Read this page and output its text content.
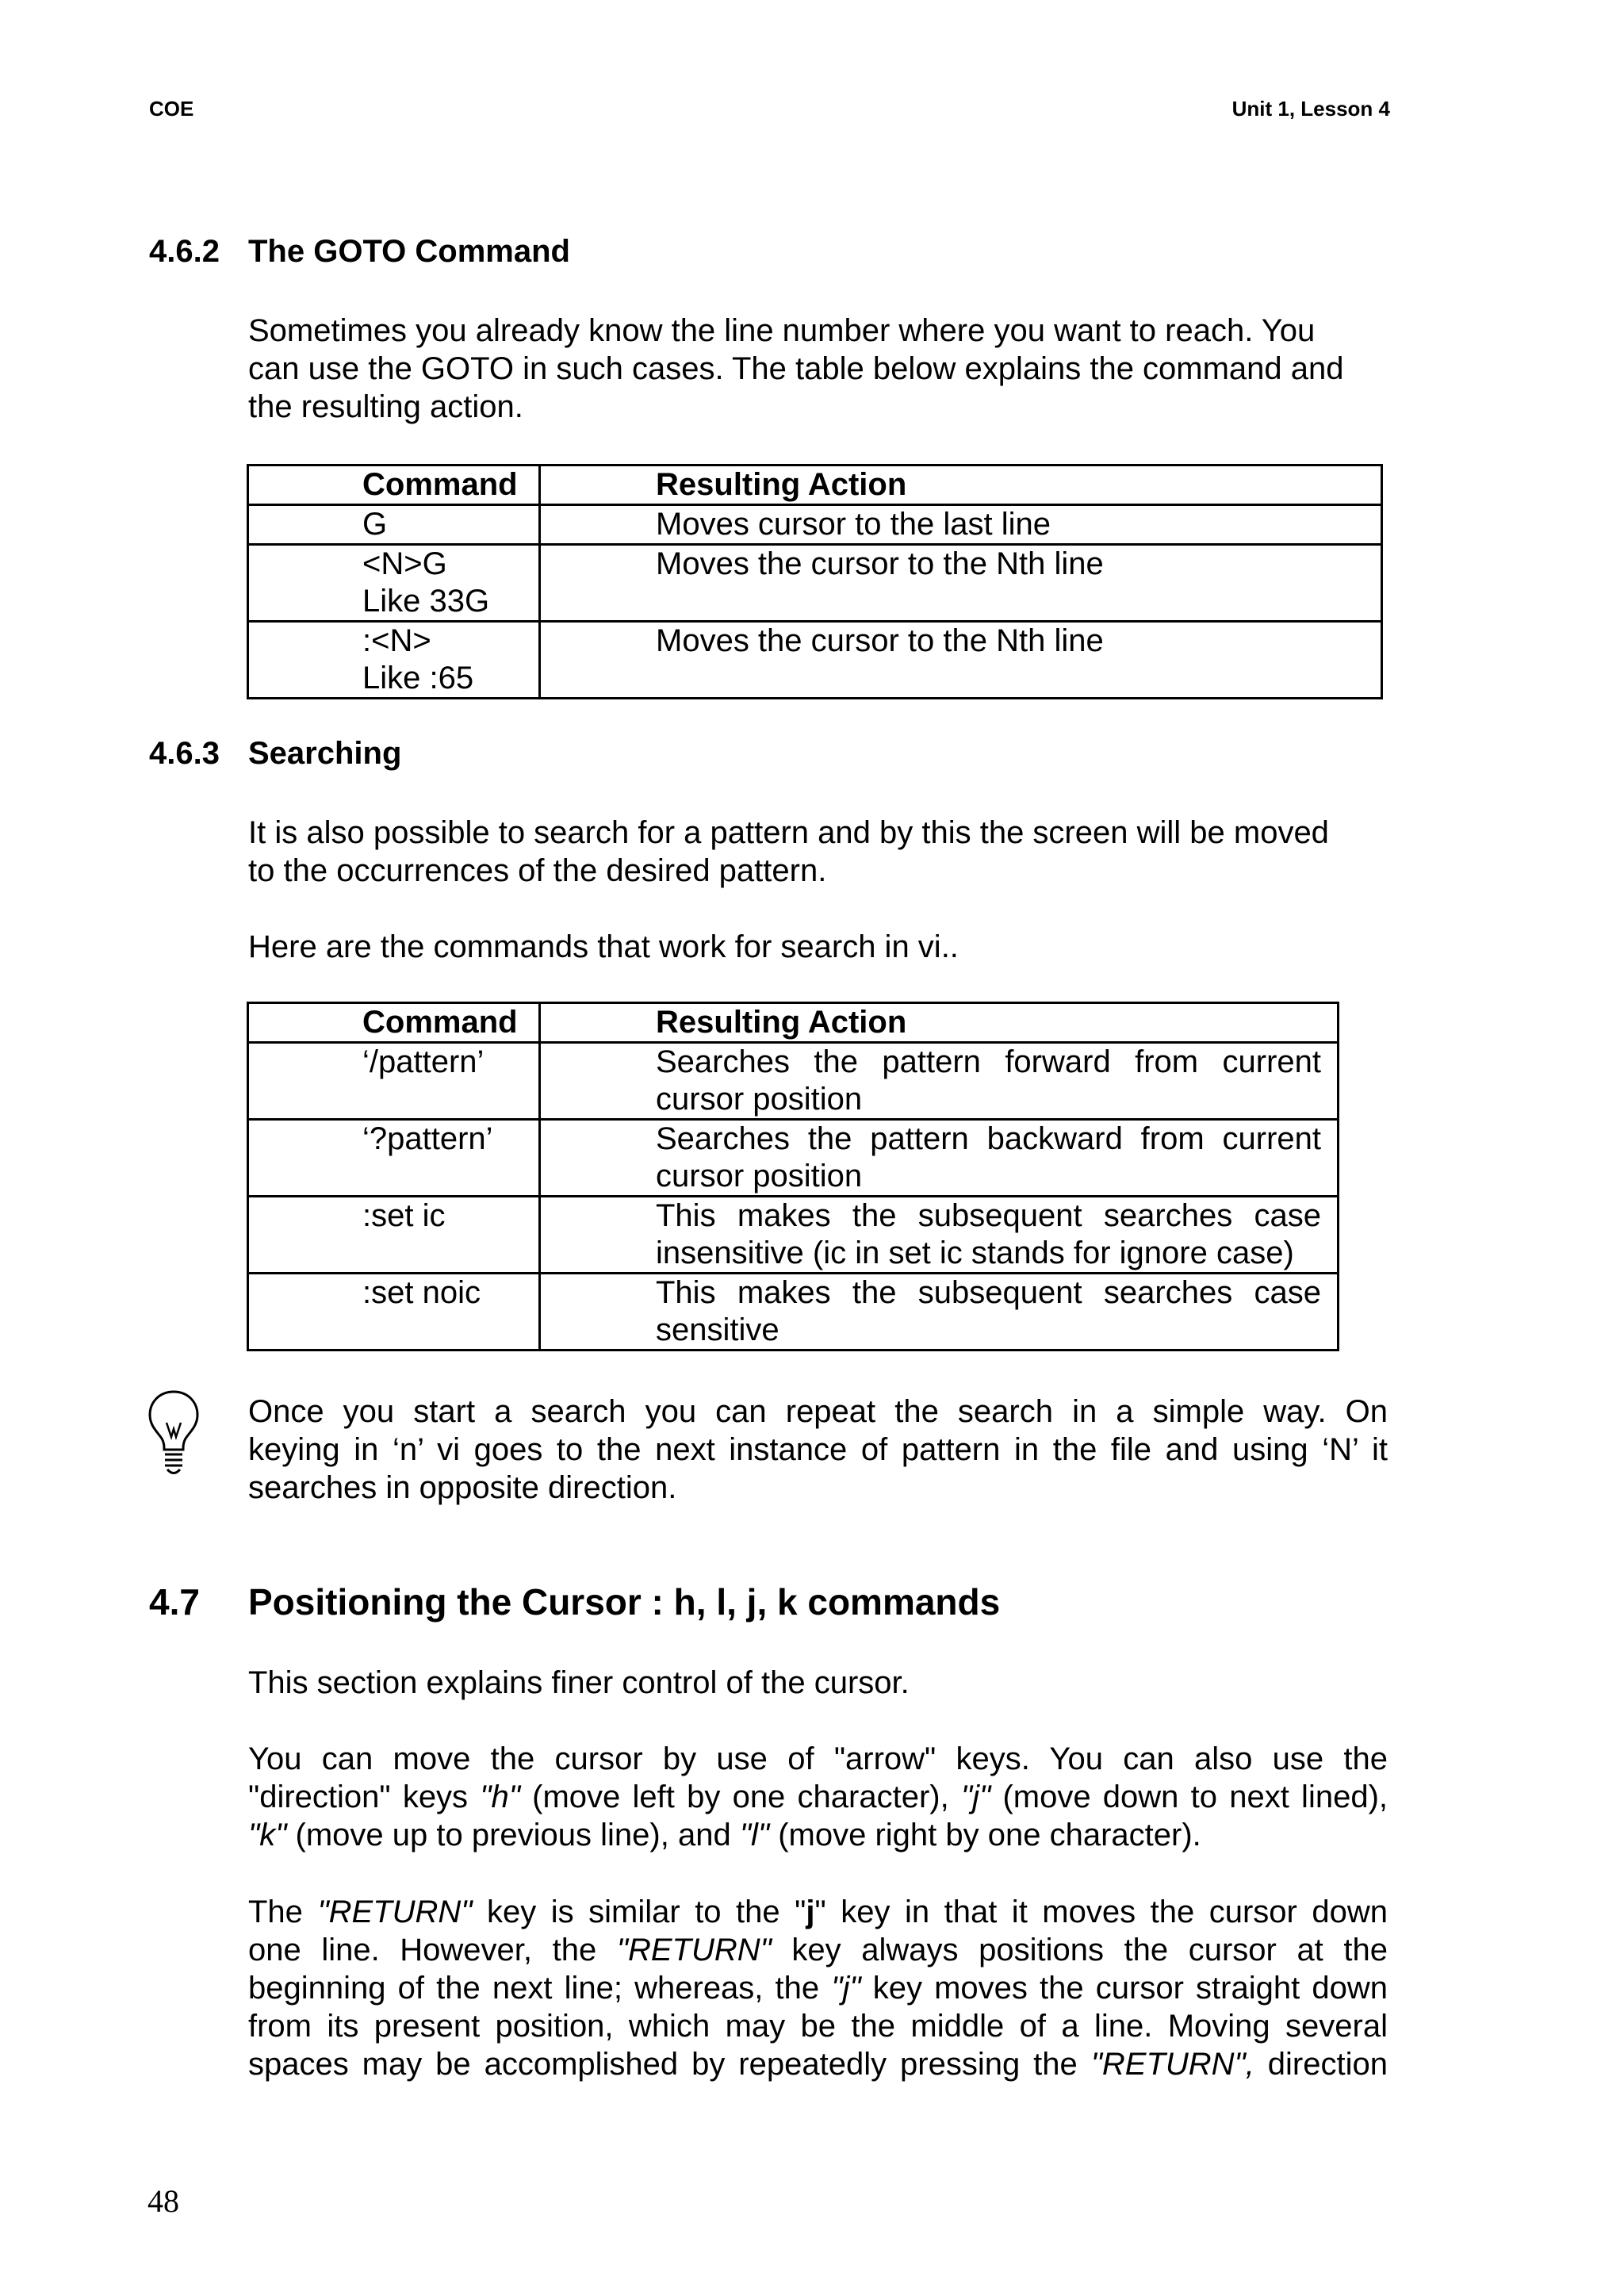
COE	Unit 1, Lesson 4
4.6.2 The GOTO Command
Sometimes you already know the line number where you want to reach. You
can use the GOTO in such cases. The table below explains the command and
the resulting action.
Command	Resulting Action

G	Moves cursor to the last line

<N>G
Like 33G	Moves the cursor to the Nth line

:<N>
Like :65	Moves the cursor to the Nth line
4.6.3 Searching
It is also possible to search for a pattern and by this the screen will be moved
to the occurrences of the desired pattern.
Here are the commands that work for search in vi..
Command	Resulting Action

‘/pattern’	Searches the pattern forward from current
cursor position

‘?pattern’	Searches the pattern backward from current
cursor position

:set ic	This makes the subsequent searches case
insensitive (ic in set ic stands for ignore case)

:set noic	This makes the subsequent searches case
sensitive
Once you start a search you can repeat the search in a simple way. On
keying in ‘n’ vi goes to the next instance of pattern in the file and using ‘N’ it
searches in opposite direction.
4.7 Positioning the Cursor : h, l, j, k commands
This section explains finer control of the cursor.
You can move the cursor by use of "arrow" keys. You can also use the
"direction" keys "h" (move left by one character), "j" (move down to next lined),
"k" (move up to previous line), and "l" (move right by one character).
The "RETURN" key is similar to the "j" key in that it moves the cursor down
one line. However, the "RETURN" key always positions the cursor at the
beginning of the next line; whereas, the "j" key moves the cursor straight down
from its present position, which may be the middle of a line. Moving several
spaces may be accomplished by repeatedly pressing the "RETURN", direction
48
